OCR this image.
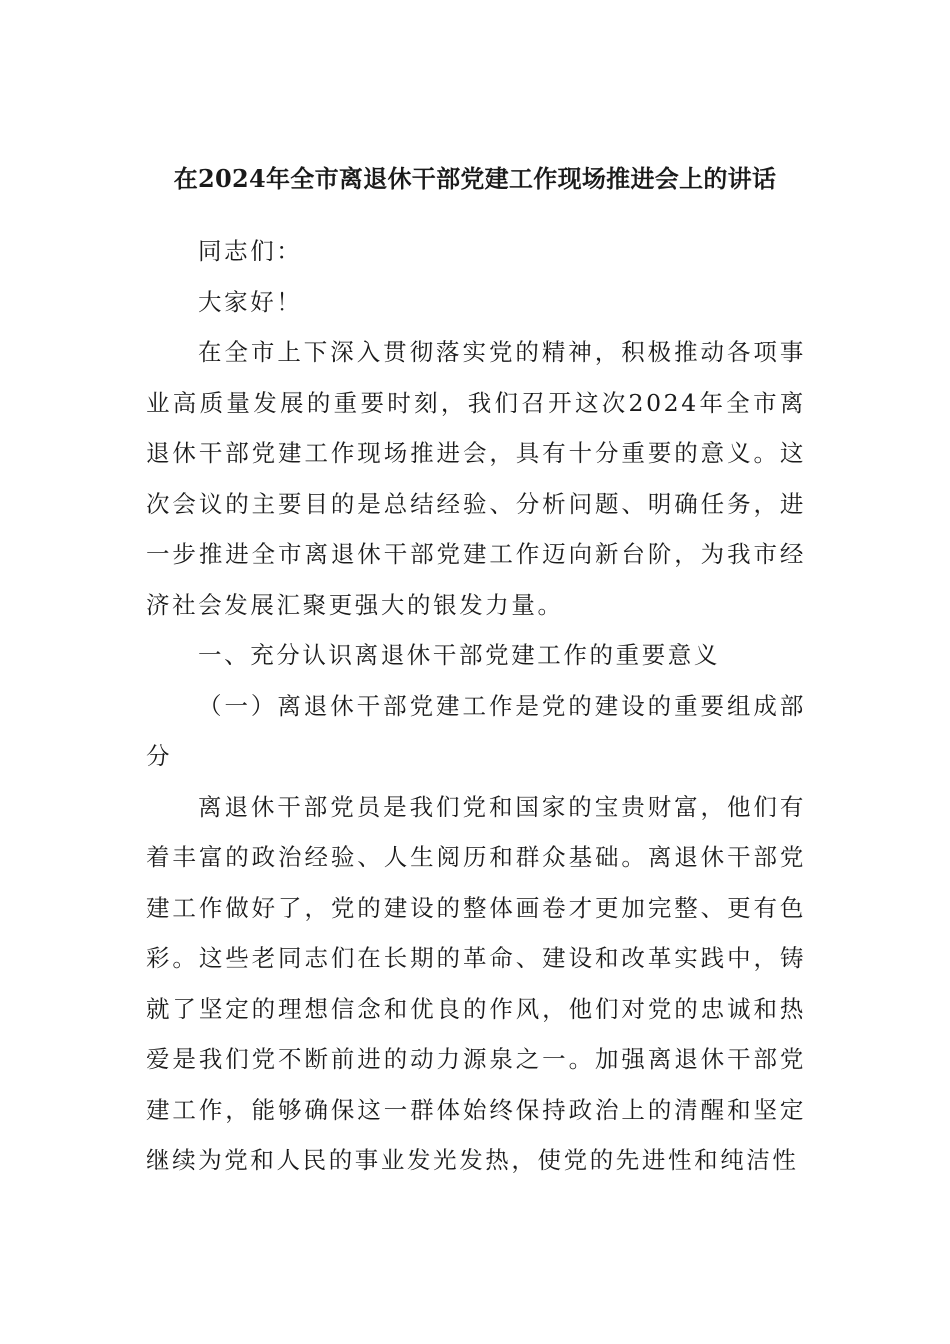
在2024年全市离退休干部党建工作现场推进会上的讲话

同志们：

大家好！

在全市上下深入贯彻落实党的精神，积极推动各项事业高质量发展的重要时刻，我们召开这次2024年全市离退休干部党建工作现场推进会，具有十分重要的意义。这次会议的主要目的是总结经验、分析问题、明确任务，进一步推进全市离退休干部党建工作迈向新台阶，为我市经济社会发展汇聚更强大的银发力量。

一、充分认识离退休干部党建工作的重要意义

（一）离退休干部党建工作是党的建设的重要组成部分

离退休干部党员是我们党和国家的宝贵财富，他们有着丰富的政治经验、人生阅历和群众基础。离退休干部党建工作做好了，党的建设的整体画卷才更加完整、更有色彩。这些老同志们在长期的革命、建设和改革实践中，铸就了坚定的理想信念和优良的作风，他们对党的忠诚和热爱是我们党不断前进的动力源泉之一。加强离退休干部党建工作，能够确保这一群体始终保持政治上的清醒和坚定继续为党和人民的事业发光发热，使党的先进性和纯洁性
